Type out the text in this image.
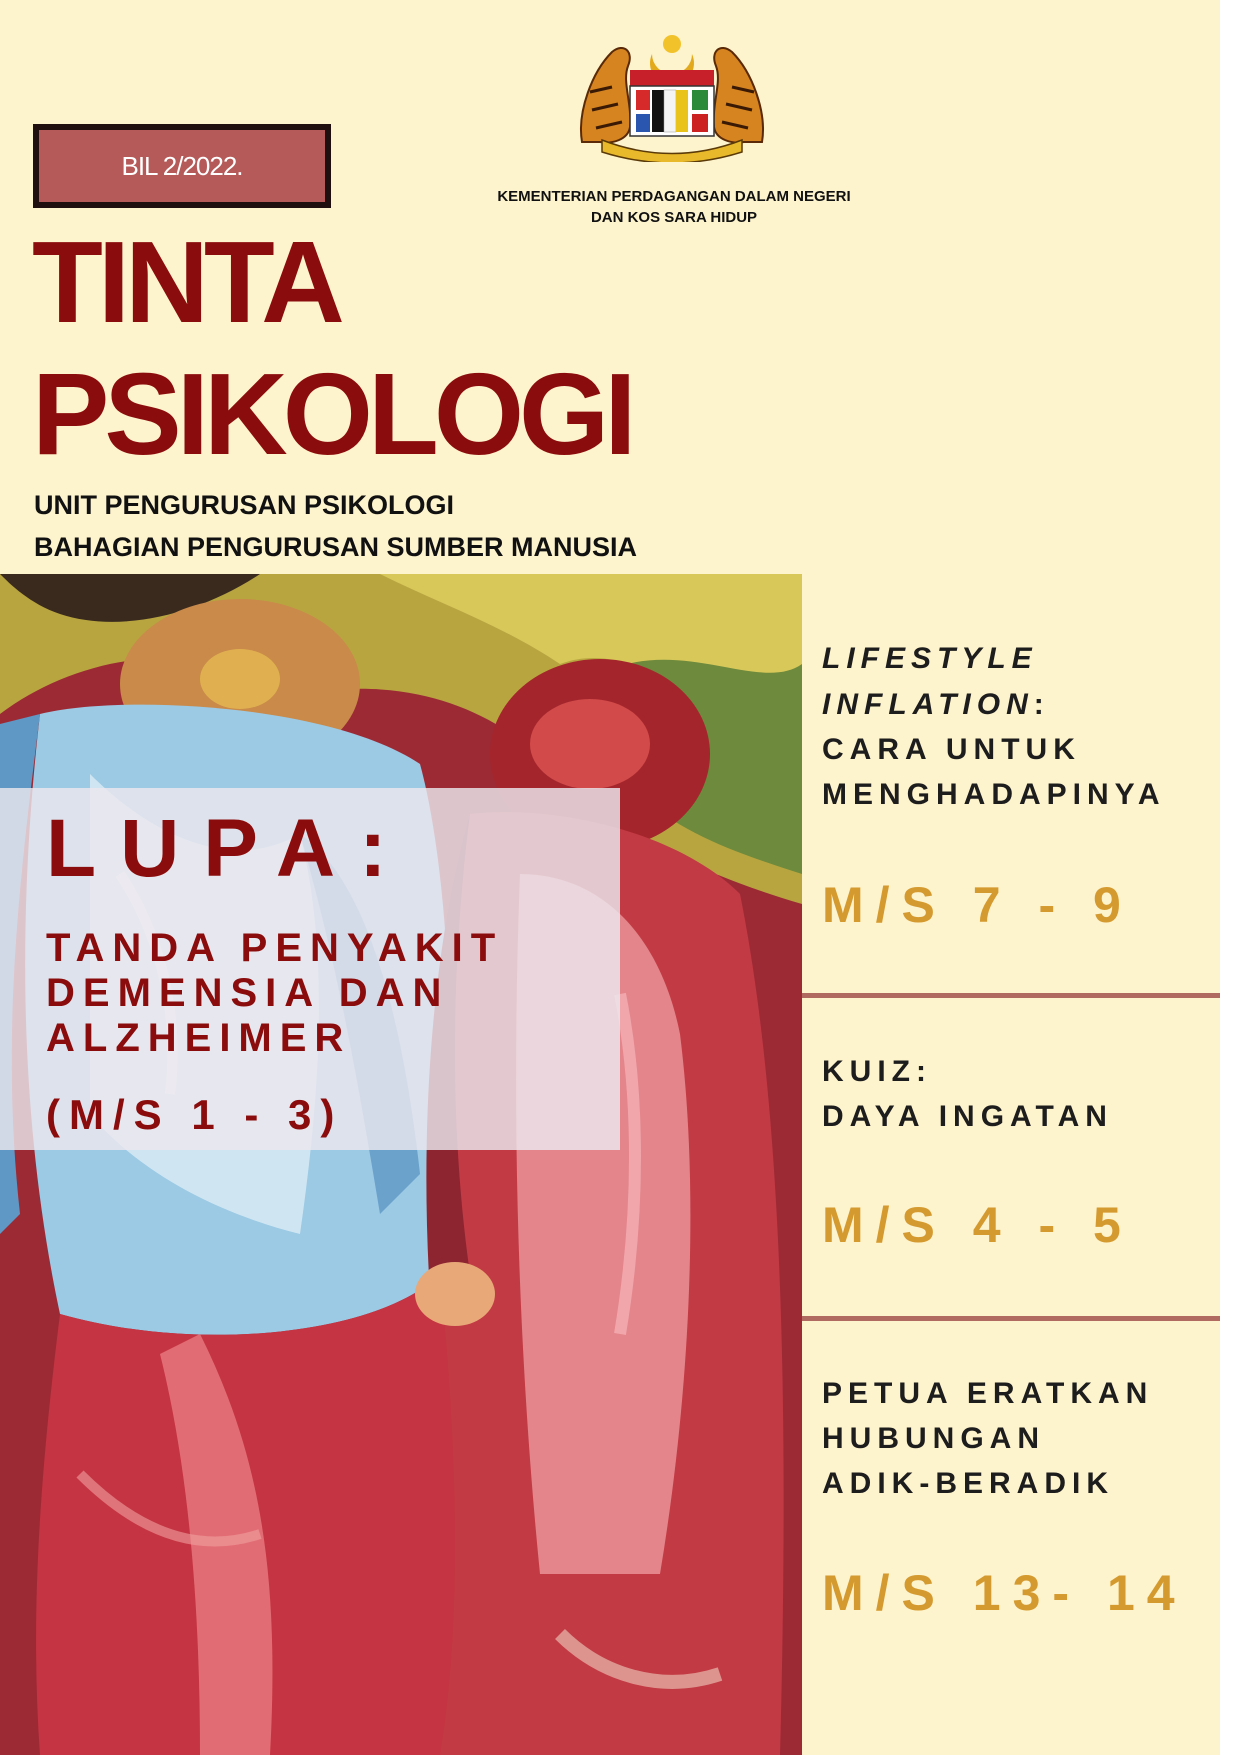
BIL 2/2022.
KEMENTERIAN PERDAGANGAN DALAM NEGERI
DAN KOS SARA HIDUP
TINTA
PSIKOLOGI
UNIT PENGURUSAN PSIKOLOGI
BAHAGIAN PENGURUSAN SUMBER MANUSIA
LUPA:
TANDA PENYAKIT
DEMENSIA DAN
ALZHEIMER
(M/S 1 - 3)
LIFESTYLE
INFLATION:
CARA UNTUK
MENGHADAPINYA
M/S 7 - 9
KUIZ:
DAYA INGATAN
M/S 4 - 5
PETUA ERATKAN
HUBUNGAN
ADIK-BERADIK
M/S 13- 14
